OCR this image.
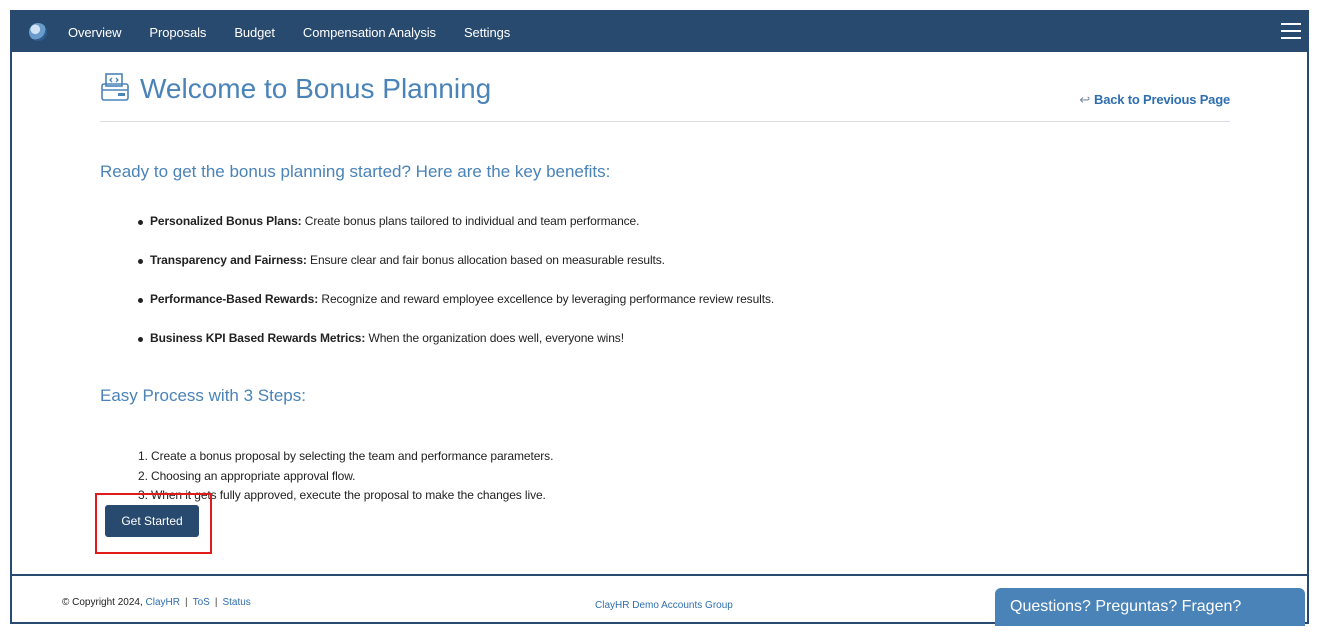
Overview Proposals Budget Compensation Analysis Settings
Welcome to Bonus Planning	↩ Back to Previous Page
Ready to get the bonus planning started? Here are the key benefits:
Personalized Bonus Plans: Create bonus plans tailored to individual and team performance.
Transparency and Fairness: Ensure clear and fair bonus allocation based on measurable results.
Performance-Based Rewards: Recognize and reward employee excellence by leveraging performance review results.
Business KPI Based Rewards Metrics: When the organization does well, everyone wins!
Easy Process with 3 Steps:
1. Create a bonus proposal by selecting the team and performance parameters.
2. Choosing an appropriate approval flow.
3. When it gets fully approved, execute the proposal to make the changes live.
© Copyright 2024, ClayHR | ToS | Status	ClayHR Demo Accounts Group	Questions? Preguntas? Fragen?
Get Started
